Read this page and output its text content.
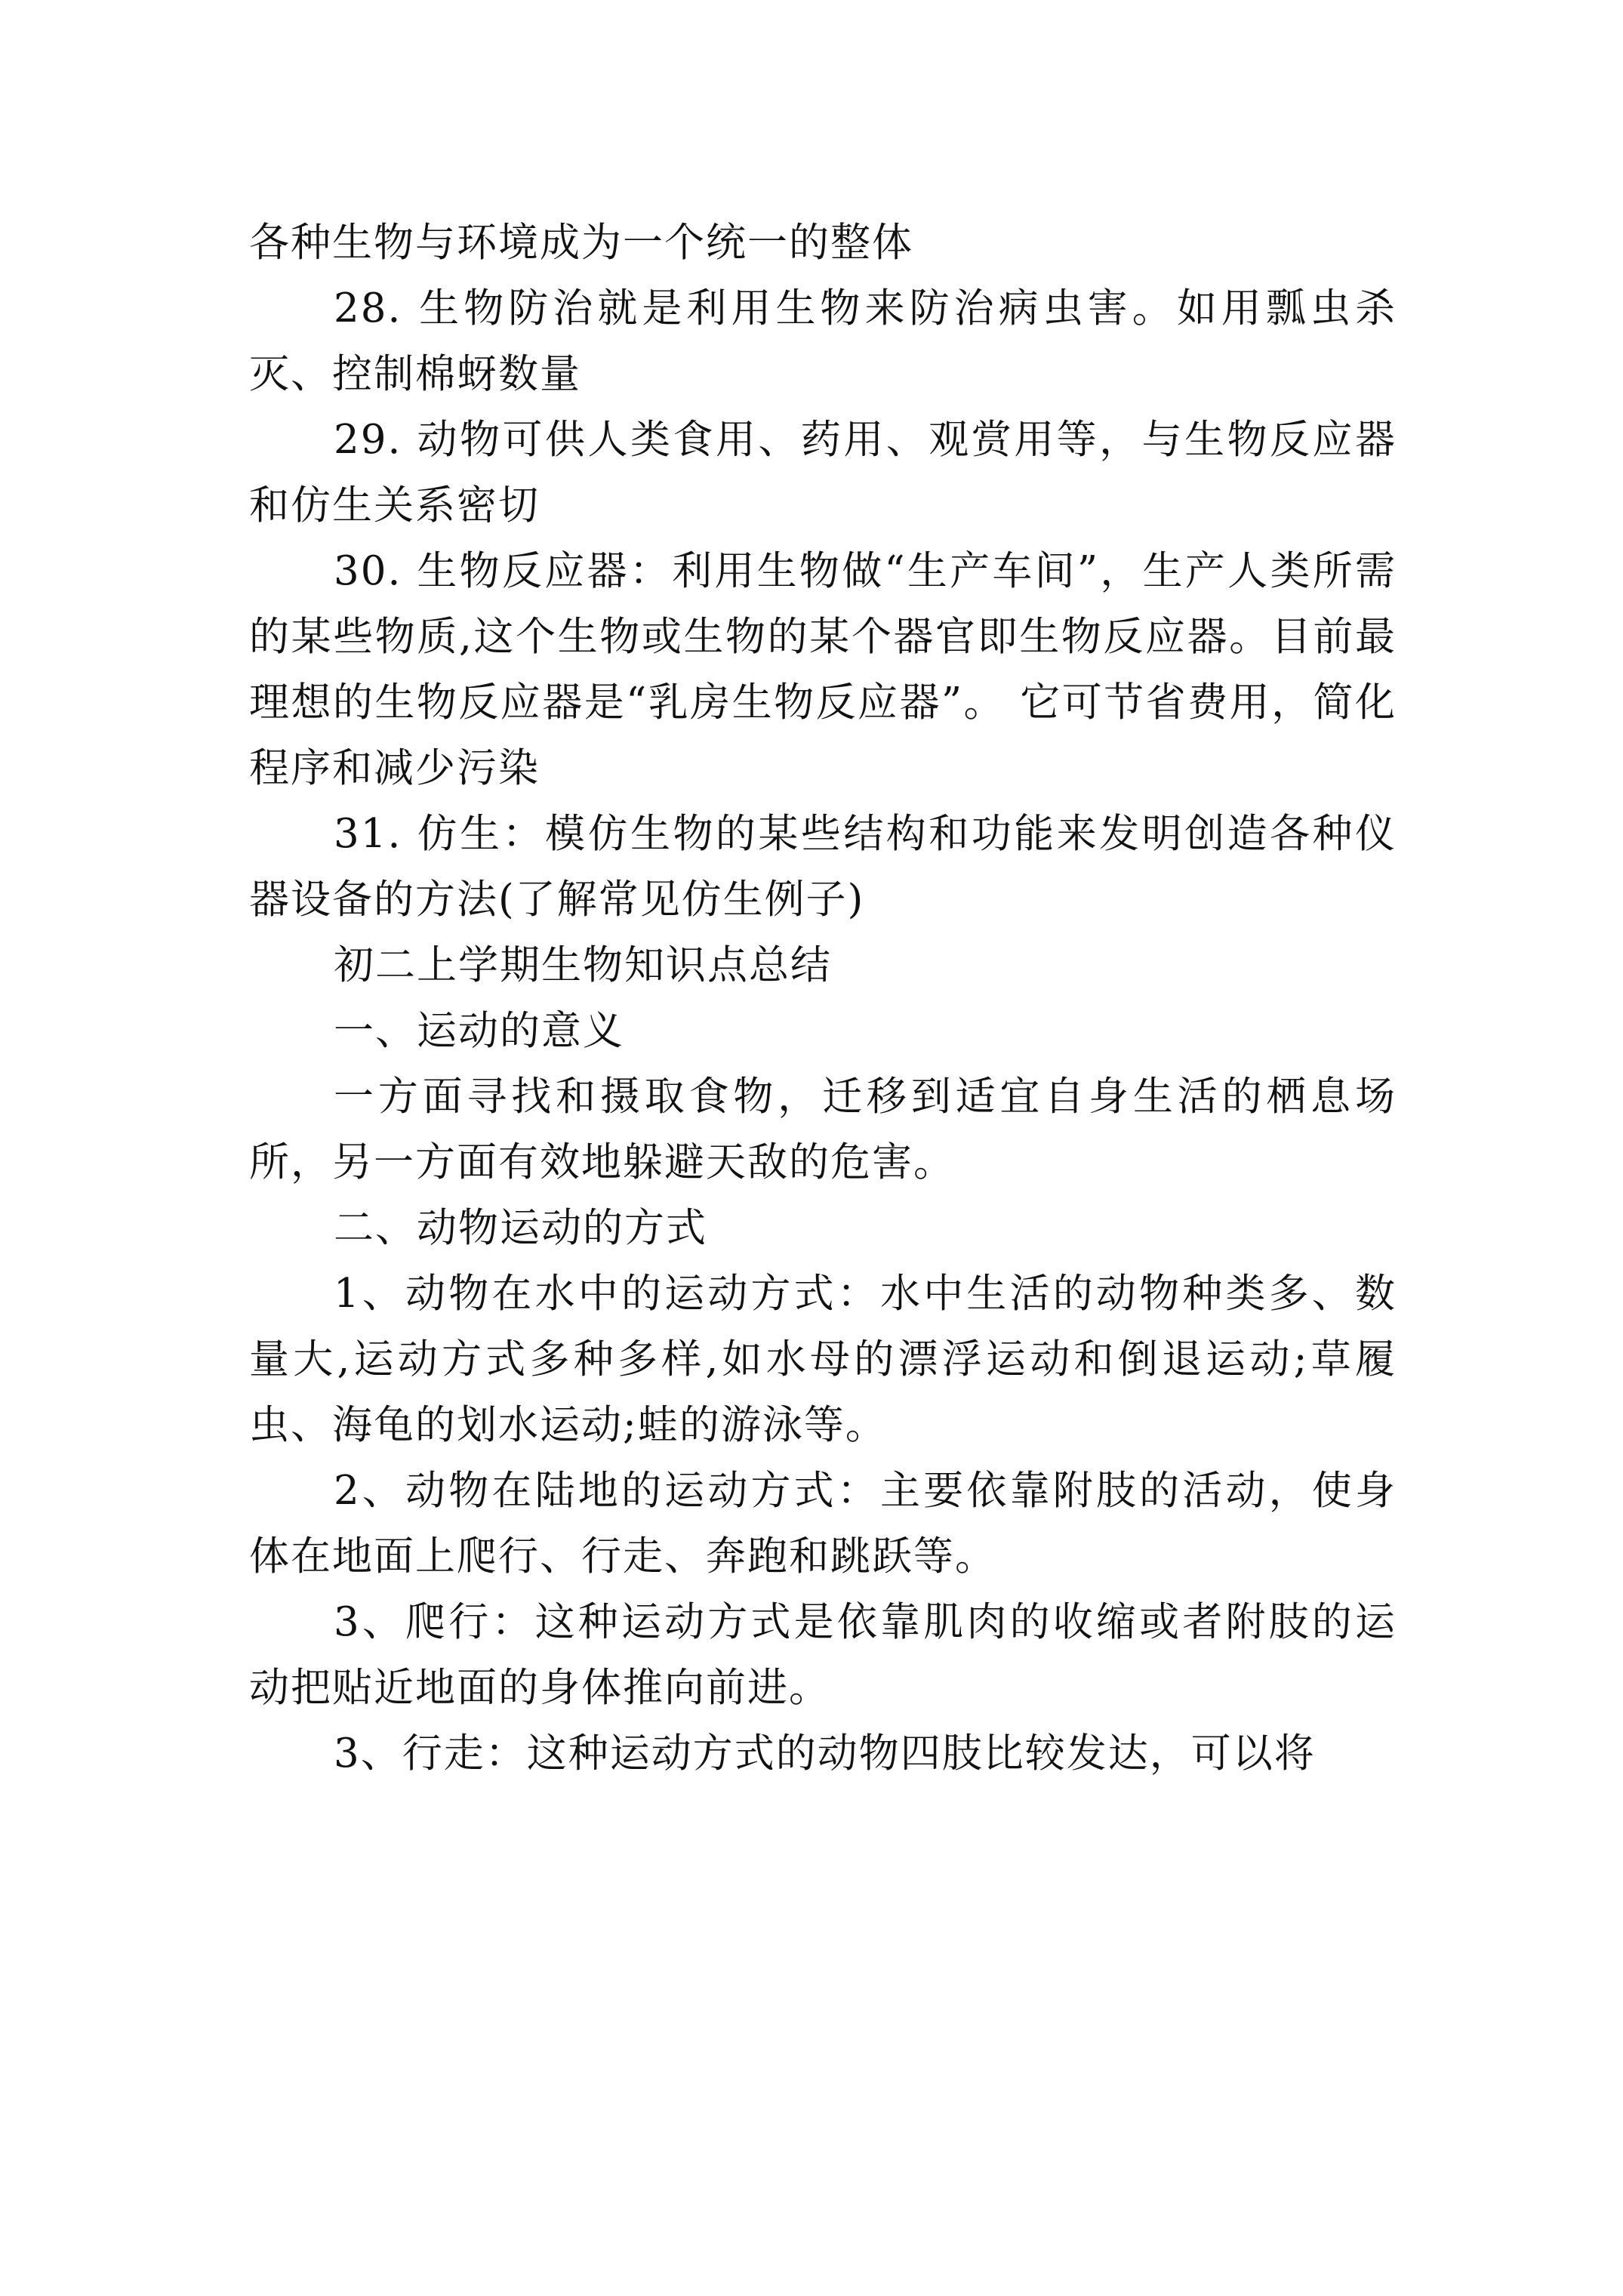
各种生物与环境成为一个统一的整体

28. 生物防治就是利用生物来防治病虫害。如用瓢虫杀灭、控制棉蚜数量

29. 动物可供人类食用、药用、观赏用等，与生物反应器和仿生关系密切

30. 生物反应器：利用生物做“生产车间”，生产人类所需的某些物质,这个生物或生物的某个器官即生物反应器。目前最理想的生物反应器是“乳房生物反应器”。 它可节省费用，简化程序和减少污染

31. 仿生：模仿生物的某些结构和功能来发明创造各种仪器设备的方法(了解常见仿生例子)

初二上学期生物知识点总结

一、运动的意义

一方面寻找和摄取食物，迁移到适宜自身生活的栖息场所，另一方面有效地躲避天敌的危害。

二、动物运动的方式

1、动物在水中的运动方式：水中生活的动物种类多、数量大,运动方式多种多样,如水母的漂浮运动和倒退运动;草履虫、海龟的划水运动;蛙的游泳等。

2、动物在陆地的运动方式：主要依靠附肢的活动，使身体在地面上爬行、行走、奔跑和跳跃等。

3、爬行：这种运动方式是依靠肌肉的收缩或者附肢的运动把贴近地面的身体推向前进。

3、行走：这种运动方式的动物四肢比较发达，可以将
